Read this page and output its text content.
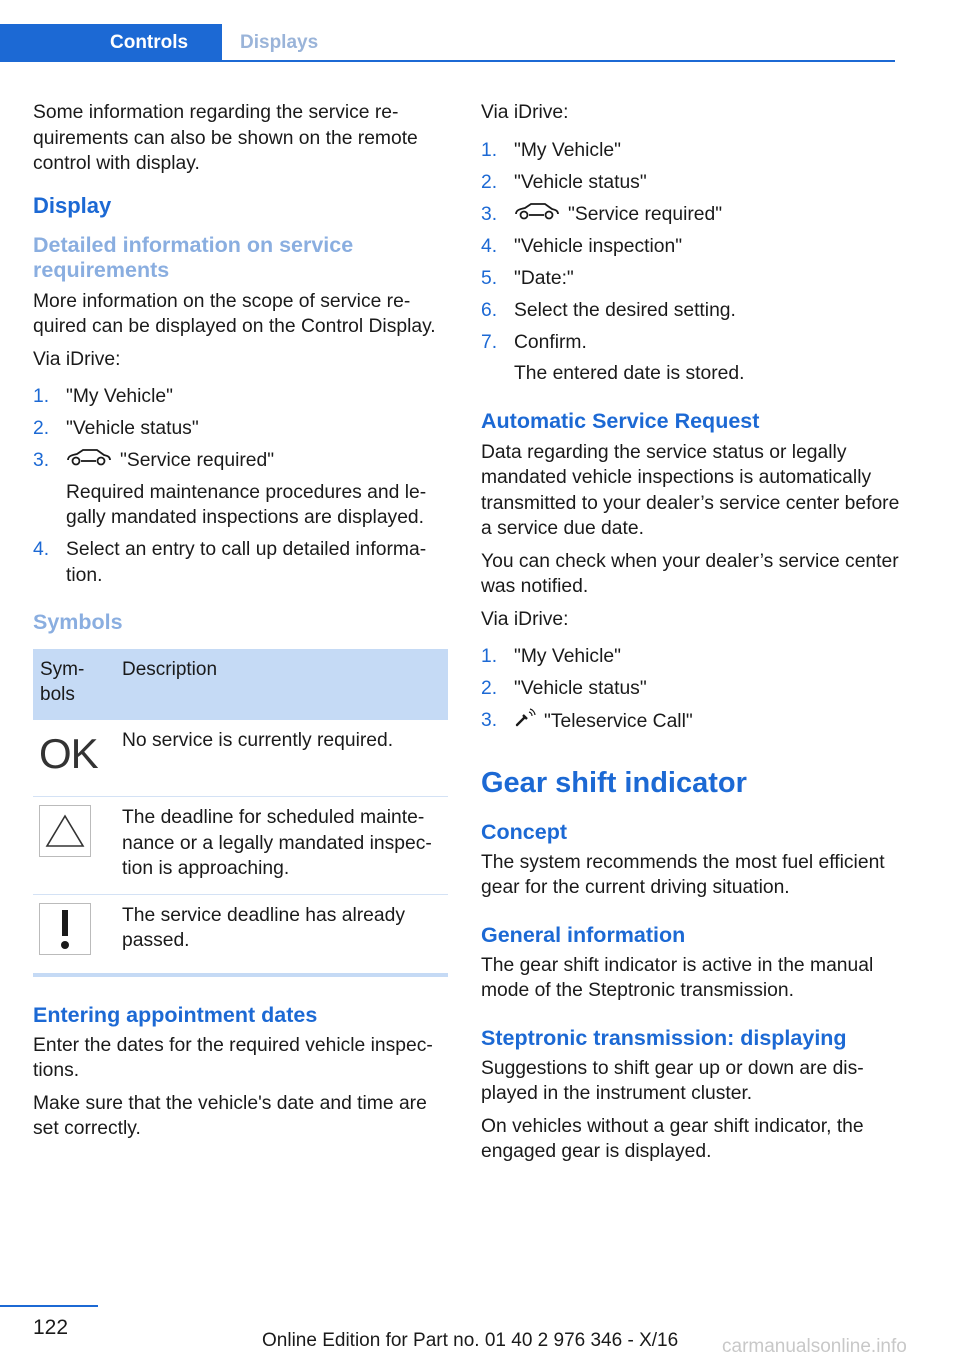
Controls	Displays

Some information regarding the service requirements can also be shown on the remote control with display.

Display
Detailed information on service requirements

More information on the scope of service required can be displayed on the Control Display.

Via iDrive:

1. "My Vehicle"
2. "Vehicle status"
3.	"Service required"
Required maintenance procedures and legally mandated inspections are displayed.
4. Select an entry to call up detailed information.
Symbols
Symbols	Description
OK	No service is currently required.

	The deadline for scheduled maintenance or a legally mandated inspection is approaching.

	The service deadline has already passed.
Entering appointment dates

Enter the dates for the required vehicle inspections.

Make sure that the vehicle's date and time are set correctly.

Via iDrive:

1. "My Vehicle"
2. "Vehicle status"
3.	"Service required"
4. "Vehicle inspection"
5. "Date:"
6. Select the desired setting.
7. Confirm.
The entered date is stored.
Automatic Service Request

Data regarding the service status or legally mandated vehicle inspections is automatically transmitted to your dealer’s service center before a service due date.

You can check when your dealer’s service center was notified.

Via iDrive:

1. "My Vehicle"
2. "Vehicle status"
3. "Teleservice Call"
Gear shift indicator
Concept

The system recommends the most fuel efficient gear for the current driving situation.

General information

The gear shift indicator is active in the manual mode of the Steptronic transmission.

Steptronic transmission: displaying

Suggestions to shift gear up or down are displayed in the instrument cluster.

On vehicles without a gear shift indicator, the engaged gear is displayed.

122
Online Edition for Part no. 01 40 2 976 346 - X/16 carmanualsonline.info
